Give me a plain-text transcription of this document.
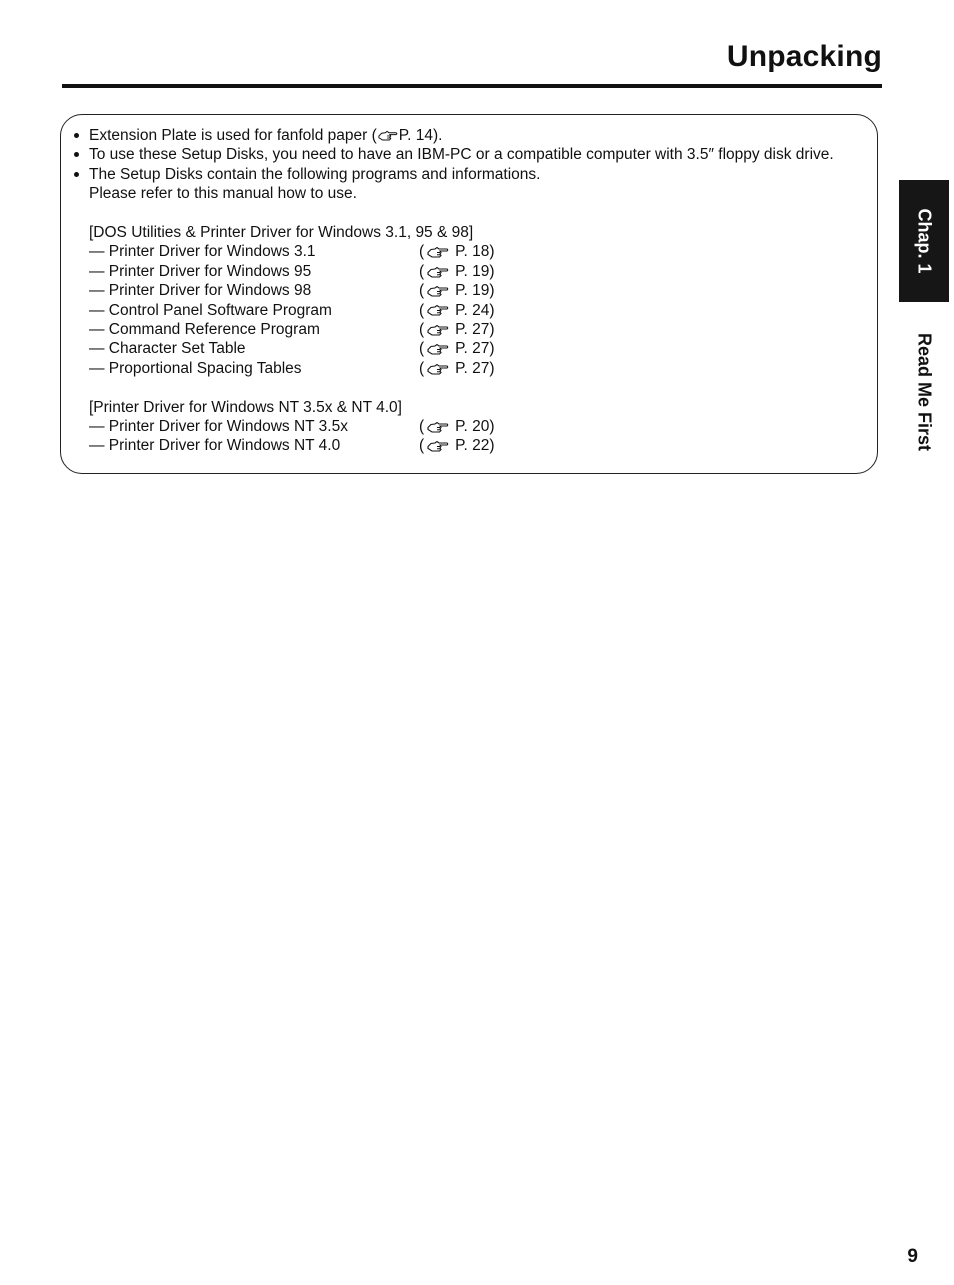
Unpacking
Extension Plate is used for fanfold paper ( P. 14).
To use these Setup Disks, you need to have an IBM-PC or a compatible computer with 3.5″ floppy disk drive.
The Setup Disks contain the following programs and informations.
Please refer to this manual how to use.
[DOS Utilities & Printer Driver for Windows 3.1, 95 & 98]
— Printer Driver for Windows 3.1	( P. 18)
— Printer Driver for Windows 95	( P. 19)
— Printer Driver for Windows 98	( P. 19)
— Control Panel Software Program	( P. 24)
— Command Reference Program	( P. 27)
— Character Set Table	( P. 27)
— Proportional Spacing Tables	( P. 27)
[Printer Driver for Windows NT 3.5x & NT 4.0]
— Printer Driver for Windows NT 3.5x	( P. 20)
— Printer Driver for Windows NT 4.0	( P. 22)
Chap. 1
Read Me First
9
